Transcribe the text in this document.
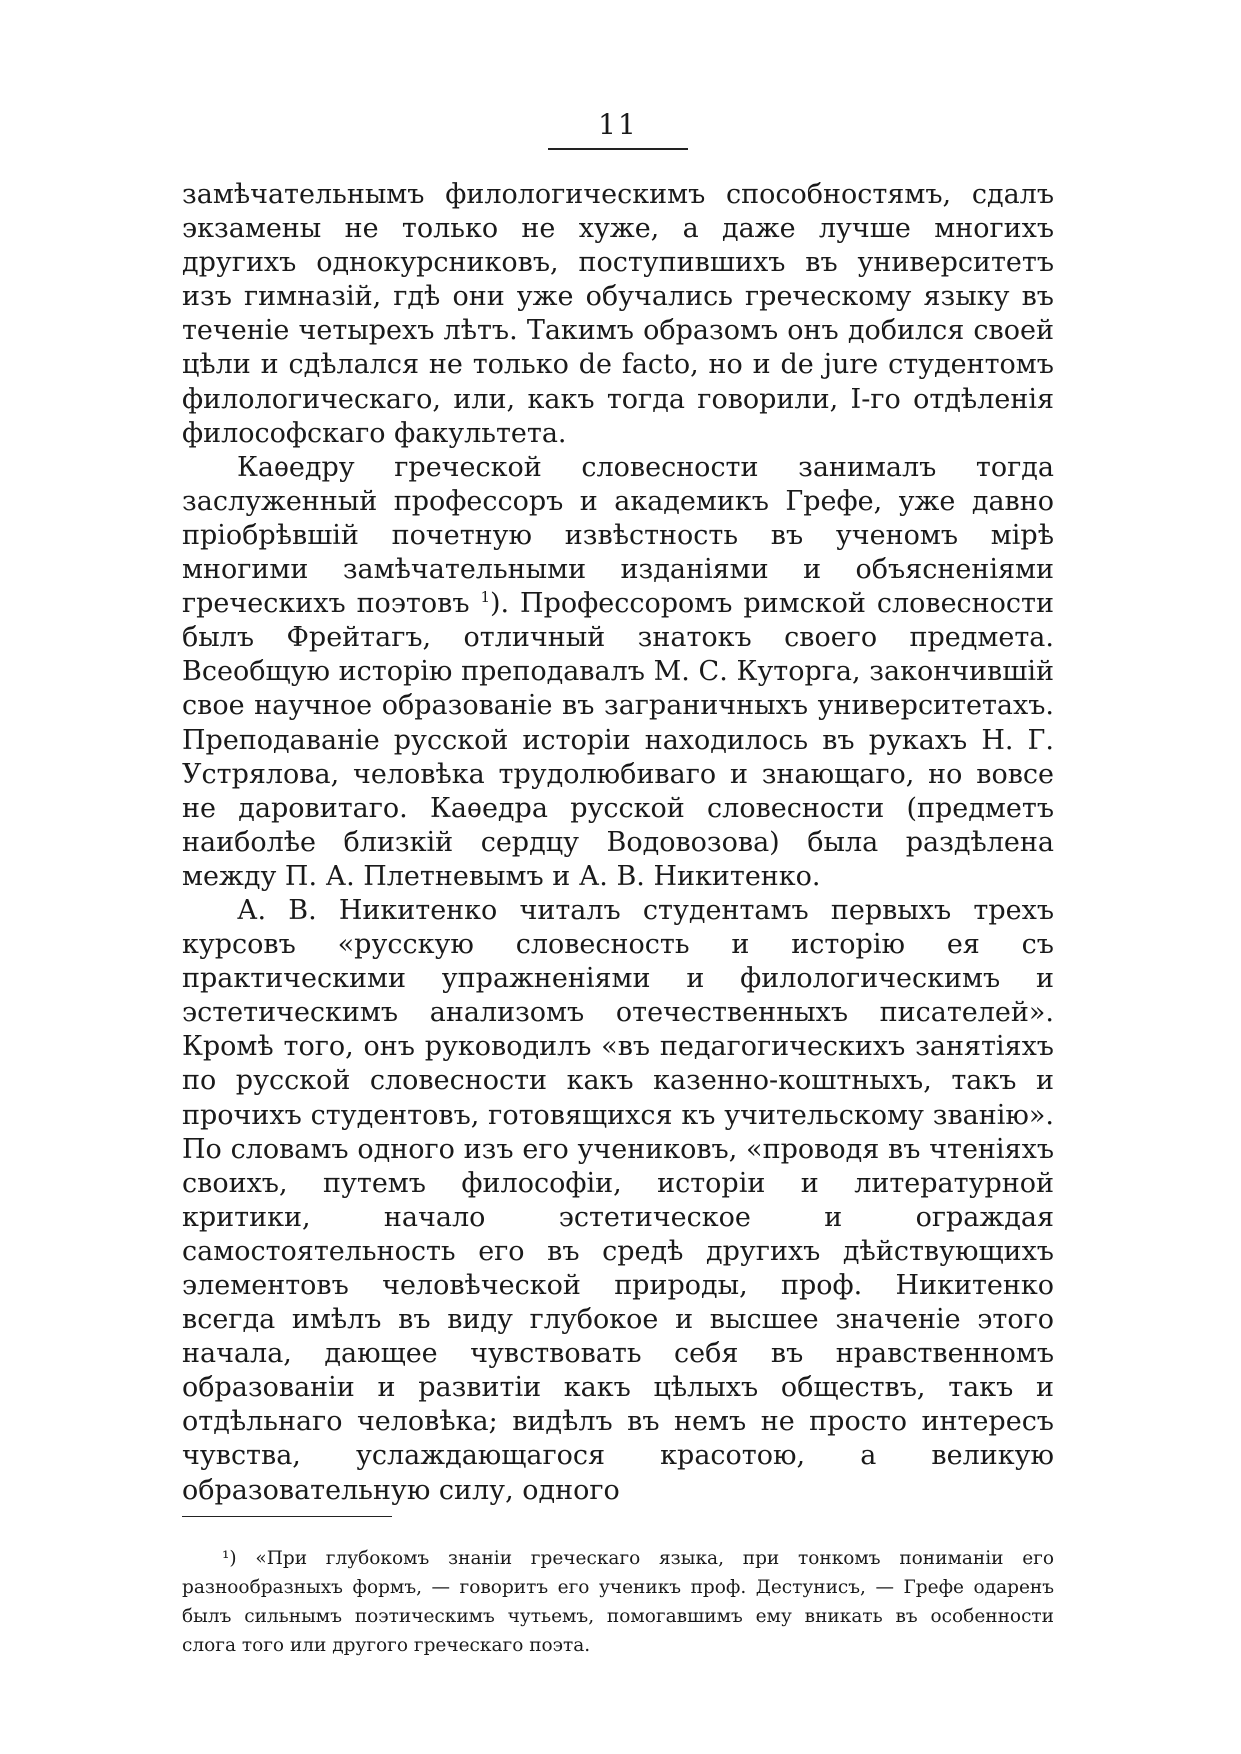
11

замѣчательнымъ филологическимъ способностямъ, сдалъ экзамены не только не хуже, а даже лучше многихъ другихъ однокурсниковъ, поступившихъ въ университетъ изъ гимназій, гдѣ они уже обучались греческому языку въ теченіе четырехъ лѣтъ. Такимъ образомъ онъ добился своей цѣли и сдѣлался не только de facto, но и de jure студентомъ филологическаго, или, какъ тогда говорили, I-го отдѣленія философскаго факультета.

Каѳедру греческой словесности занималъ тогда заслуженный профессоръ и академикъ Грефе, уже давно пріобрѣвшій почетную извѣстность въ ученомъ мірѣ многими замѣчательными изданіями и объясненіями греческихъ поэтовъ $^1$). Профессоромъ римской словесности былъ Фрейтагъ, отличный знатокъ своего предмета. Всеобщую исторію преподавалъ М. С. Куторга, закончившій свое научное образованіе въ заграничныхъ университетахъ. Преподаваніе русской исторіи находилось въ рукахъ Н. Г. Устрялова, человѣка трудолюбиваго и знающаго, но вовсе не даровитаго. Каѳедра русской словесности (предметъ наиболѣе близкій сердцу Водовозова) была раздѣлена между П. А. Плетневымъ и А. В. Никитенко.

А. В. Никитенко читалъ студентамъ первыхъ трехъ курсовъ «русскую словесность и исторію ея съ практическими упражненіями и филологическимъ и эстетическимъ анализомъ отечественныхъ писателей». Кромѣ того, онъ руководилъ «въ педагогическихъ занятіяхъ по русской словесности какъ казенно-коштныхъ, такъ и прочихъ студентовъ, готовящихся къ учительскому званію». По словамъ одного изъ его учениковъ, «проводя въ чтеніяхъ своихъ, путемъ философіи, исторіи и литературной критики, начало эстетическое и ограждая самостоятельность его въ средѣ другихъ дѣйствующихъ элементовъ человѣческой природы, проф. Никитенко всегда имѣлъ въ виду глубокое и высшее значеніе этого начала, дающее чувствовать себя въ нравственномъ образованіи и развитіи какъ цѣлыхъ обществъ, такъ и отдѣльнаго человѣка; видѣлъ въ немъ не просто интересъ чувства, услаждающагося красотою, а великую образовательную силу, одного

¹) «При глубокомъ знаніи греческаго языка, при тонкомъ пониманіи его разнообразныхъ формъ, — говоритъ его ученикъ проф. Дестунисъ, — Грефе одаренъ былъ сильнымъ поэтическимъ чутьемъ, помогавшимъ ему вникать въ особенности слога того или другого греческаго поэта.
